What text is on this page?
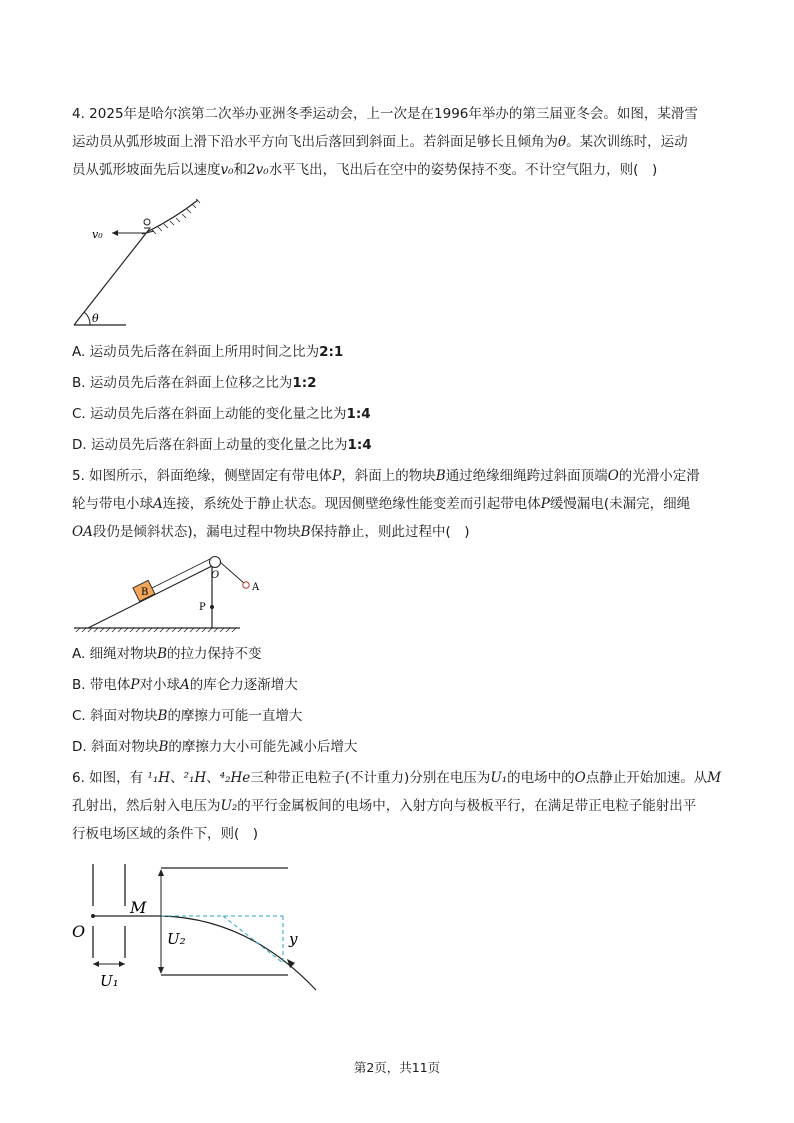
4. 2025年是哈尔滨第二次举办亚洲冬季运动会，上一次是在1996年举办的第三届亚冬会。如图，某滑雪
运动员从弧形坡面上滑下沿水平方向飞出后落回到斜面上。若斜面足够长且倾角为θ。某次训练时，运动
员从弧形坡面先后以速度v₀和2v₀水平飞出，飞出后在空中的姿势保持不变。不计空气阻力，则(　)
θ
v₀
A. 运动员先后落在斜面上所用时间之比为2:1
B. 运动员先后落在斜面上位移之比为1:2
C. 运动员先后落在斜面上动能的变化量之比为1:4
D. 运动员先后落在斜面上动量的变化量之比为1:4
5. 如图所示，斜面绝缘，侧壁固定有带电体P，斜面上的物块B通过绝缘细绳跨过斜面顶端O的光滑小定滑
轮与带电小球A连接，系统处于静止状态。现因侧壁绝缘性能变差而引起带电体P缓慢漏电(未漏完，细绳
OA段仍是倾斜状态)，漏电过程中物块B保持静止，则此过程中(　)
B
O
A
P
A. 细绳对物块B的拉力保持不变
B. 带电体P对小球A的库仑力逐渐增大
C. 斜面对物块B的摩擦力可能一直增大
D. 斜面对物块B的摩擦力大小可能先减小后增大
6. 如图，有 ¹₁H、²₁H、⁴₂He三种带正电粒子(不计重力)分别在电压为U₁的电场中的O点静止开始加速。从M
孔射出，然后射入电压为U₂的平行金属板间的电场中，入射方向与极板平行，在满足带正电粒子能射出平
行板电场区域的条件下，则(　)
M
O	U₂
U₁
y
第2页，共11页
